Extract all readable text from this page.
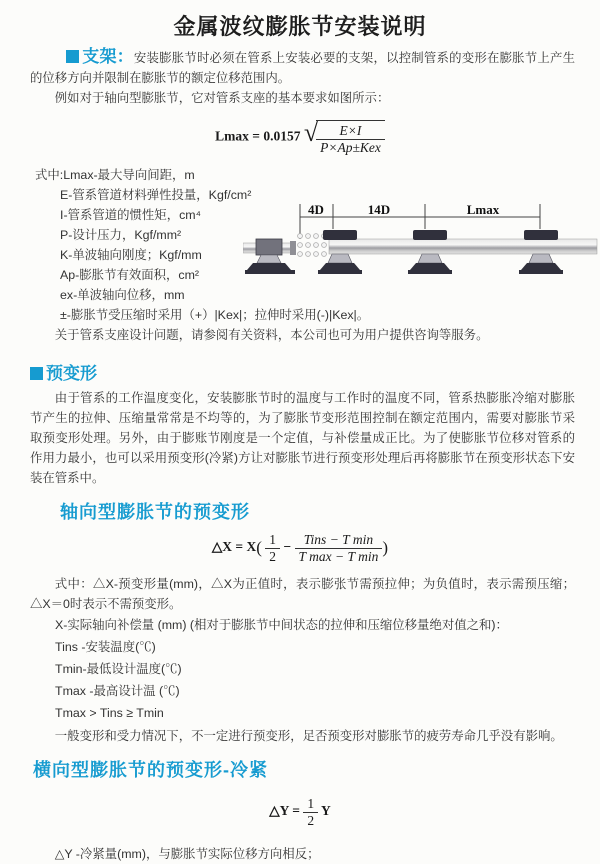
金属波纹膨胀节安装说明

支架：安装膨胀节时必须在管系上安装必要的支架，以控制管系的变形在膨胀节上产生的位移方向并限制在膨胀节的额定位移范围内。

例如对于轴向型膨胀节，它对管系支座的基本要求如图所示：

Lmax = 0.0157 √
$\frac{E\times I}{\text{P×Ap±Kex}}$
式中:Lmax-最大导向间距，m
E-管系管道材料弹性投量，Kgf/cm²
I-管系管道的惯性矩，cm⁴
P-设计压力，Kgf/mm²
K-单波轴向刚度；Kgf/mm
Ap-膨胀节有效面积，cm²
ex-单波轴向位移，mm
±-膨胀节受压缩时采用（+）|Kex|；拉伸时采用(-)|Kex|。

关于管系支座设计问题，请参阅有关资料，本公司也可为用户提供咨询等服务。

4D	14D	Lmax
预变形

由于管系的工作温度变化，安装膨胀节时的温度与工作时的温度不同，管系热膨胀冷缩对膨胀节产生的拉伸、压缩量常常是不均等的，为了膨胀节变形范围控制在额定范围内，需要对膨胀节采取预变形处理。另外，由于膨账节刚度是一个定值，与补偿量成正比。为了使膨胀节位移对管系的作用力最小，也可以采用预变形(冷紧)方让对膨胀节进行预变形处理后再将膨胀节在预变形状态下安装在管系中。

轴向型膨胀节的预变形
△X = $X( \frac{1}{2} - \frac{\text{Tins − T min}}{\text{T max − T min}}$ )

式中：△X-预变形量(mm)，△X为正值时，表示膨张节需预拉伸；为负值时，表示需预压缩；△X＝0时表示不需预变形。

X-实际轴向补偿量 (mm) (相对于膨胀节中间状态的拉伸和压缩位移量绝对值之和)：
Tins -安装温度(℃)
Tmin-最低设计温度(℃)
Tmax -最高设计温 (℃)
Tmax > Tins ≥ Tmin

一般变形和受力情况下，不一定进行预变形，足否预变形对膨胀节的疲劳寿命几乎没有影响。

横向型膨胀节的预变形-冷紧
△Y = $\frac{1}{2}$ Y

△Y -冷紧量(mm)，与膨胀节实际位移方向相反；
